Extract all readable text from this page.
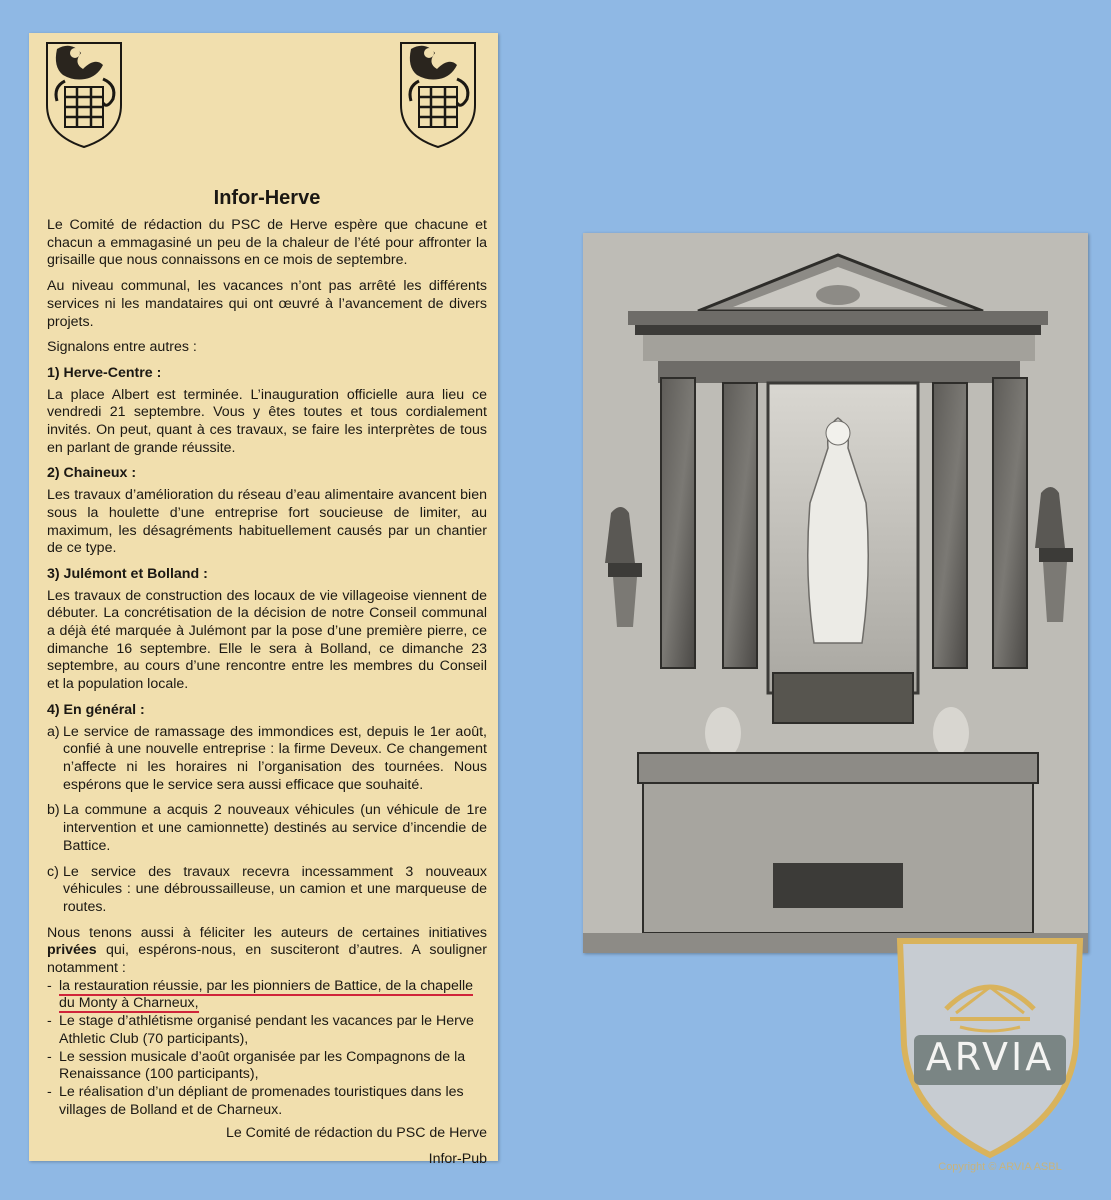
Infor-Herve

Le Comité de rédaction du PSC de Herve espère que chacune et chacun a emmagasiné un peu de la chaleur de l’été pour affronter la grisaille que nous connaissons en ce mois de septembre.

Au niveau communal, les vacances n’ont pas arrêté les différents services ni les mandataires qui ont œuvré à l’avancement de divers projets.

Signalons entre autres :

1) Herve-Centre :

La place Albert est terminée. L’inauguration officielle aura lieu ce vendredi 21 septembre. Vous y êtes toutes et tous cordialement invités. On peut, quant à ces travaux, se faire les interprètes de tous en parlant de grande réussite.

2) Chaineux :

Les travaux d’amélioration du réseau d’eau alimentaire avancent bien sous la houlette d’une entreprise fort soucieuse de limiter, au maximum, les désagréments habituellement causés par un chantier de ce type.

3) Julémont et Bolland :

Les travaux de construction des locaux de vie villageoise viennent de débuter. La concrétisation de la décision de notre Conseil communal a déjà été marquée à Julémont par la pose d’une première pierre, ce dimanche 16 septembre. Elle le sera à Bolland, ce dimanche 23 septembre, au cours d’une rencontre entre les membres du Conseil et la population locale.

4) En général :
a) Le service de ramassage des immondices est, depuis le 1er août, confié à une nouvelle entreprise : la firme Deveux. Ce changement n’affecte ni les horaires ni l’organisation des tournées. Nous espérons que le service sera aussi efficace que souhaité.
b) La commune a acquis 2 nouveaux véhicules (un véhicule de 1re intervention et une camionnette) destinés au service d’incendie de Battice.
c) Le service des travaux recevra incessamment 3 nouveaux véhicules : une débroussailleuse, un camion et une marqueuse de routes.

Nous tenons aussi à féliciter les auteurs de certaines initiatives privées qui, espérons-nous, en susciteront d’autres. A souligner notamment :

- la restauration réussie, par les pionniers de Battice, de la chapelle du Monty à Charneux,
- Le stage d’athlétisme organisé pendant les vacances par le Herve Athletic Club (70 participants),
- Le session musicale d’août organisée par les Compagnons de la Renaissance (100 participants),
- Le réalisation d’un dépliant de promenades touristiques dans les villages de Bolland et de Charneux.
Le Comité de rédaction du PSC de Herve
Infor-Pub
ARVIA
Copyright © ARVIA ASBL
